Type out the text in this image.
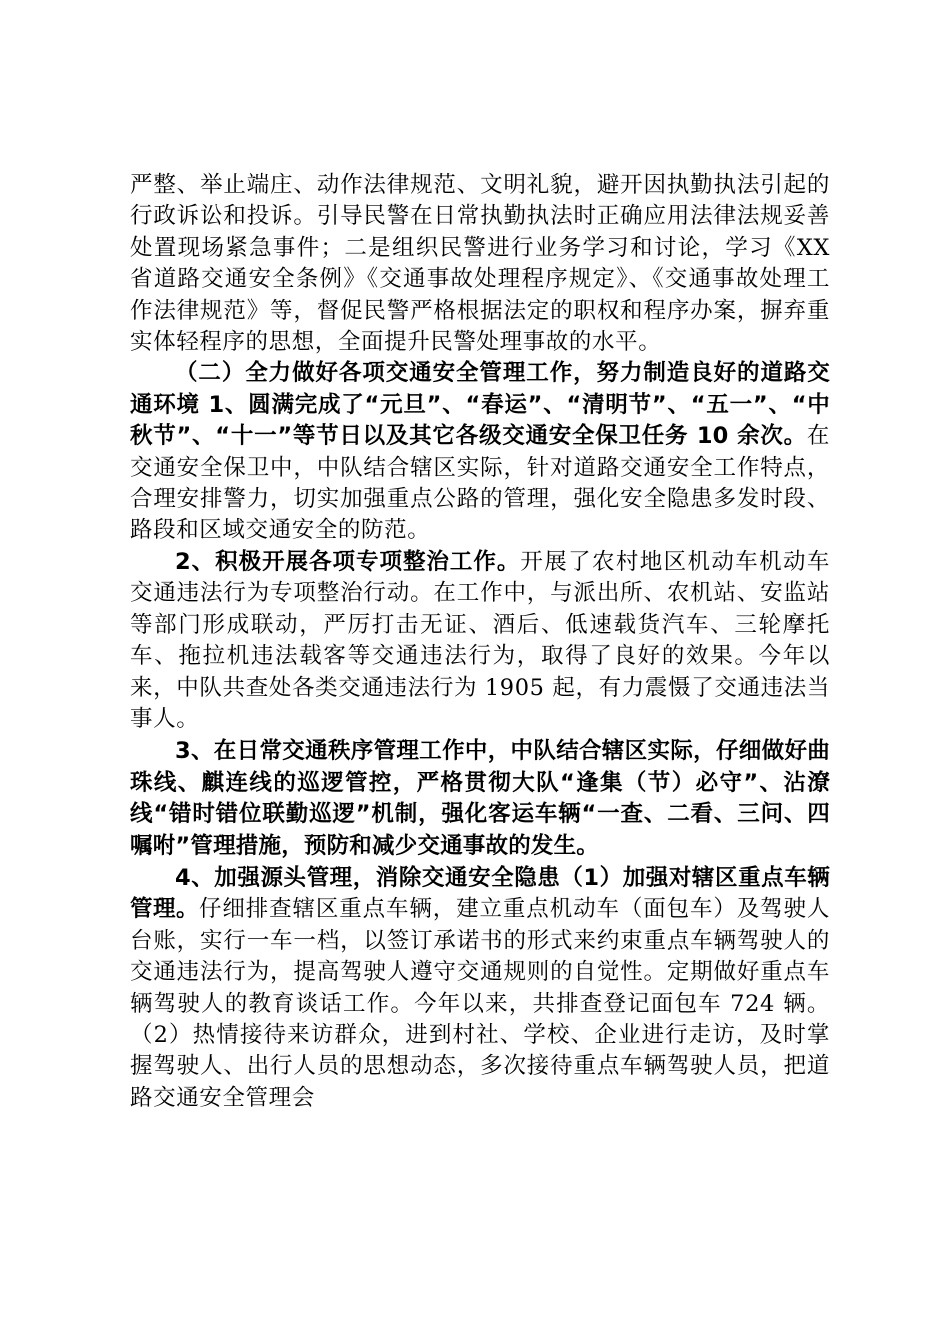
严整、举止端庄、动作法律规范、文明礼貌，避开因执勤执法引起的行政诉讼和投诉。引导民警在日常执勤执法时正确应用法律法规妥善处置现场紧急事件；二是组织民警进行业务学习和讨论，学习《XX省道路交通安全条例》《交通事故处理程序规定》、《交通事故处理工作法律规范》等，督促民警严格根据法定的职权和程序办案，摒弃重实体轻程序的思想，全面提升民警处理事故的水平。

（二）全力做好各项交通安全管理工作，努力制造良好的道路交通环境 1、圆满完成了“元旦”、“春运”、“清明节”、“五一”、“中秋节”、“十一”等节日以及其它各级交通安全保卫任务 10 余次。在交通安全保卫中，中队结合辖区实际，针对道路交通安全工作特点，合理安排警力，切实加强重点公路的管理，强化安全隐患多发时段、路段和区域交通安全的防范。

2、积极开展各项专项整治工作。开展了农村地区机动车机动车交通违法行为专项整治行动。在工作中，与派出所、农机站、安监站等部门形成联动，严厉打击无证、酒后、低速载货汽车、三轮摩托车、拖拉机违法载客等交通违法行为，取得了良好的效果。今年以来，中队共查处各类交通违法行为 1905 起，有力震慑了交通违法当事人。

3、在日常交通秩序管理工作中，中队结合辖区实际，仔细做好曲珠线、麒连线的巡逻管控，严格贯彻大队“逢集（节）必守”、沾潦线“错时错位联勤巡逻”机制，强化客运车辆“一查、二看、三问、四嘱咐”管理措施，预防和减少交通事故的发生。

4、加强源头管理，消除交通安全隐患（1）加强对辖区重点车辆管理。仔细排查辖区重点车辆，建立重点机动车（面包车）及驾驶人台账，实行一车一档，以签订承诺书的形式来约束重点车辆驾驶人的交通违法行为，提高驾驶人遵守交通规则的自觉性。定期做好重点车辆驾驶人的教育谈话工作。今年以来，共排查登记面包车 724 辆。（2）热情接待来访群众，进到村社、学校、企业进行走访，及时掌握驾驶人、出行人员的思想动态，多次接待重点车辆驾驶人员，把道路交通安全管理会
